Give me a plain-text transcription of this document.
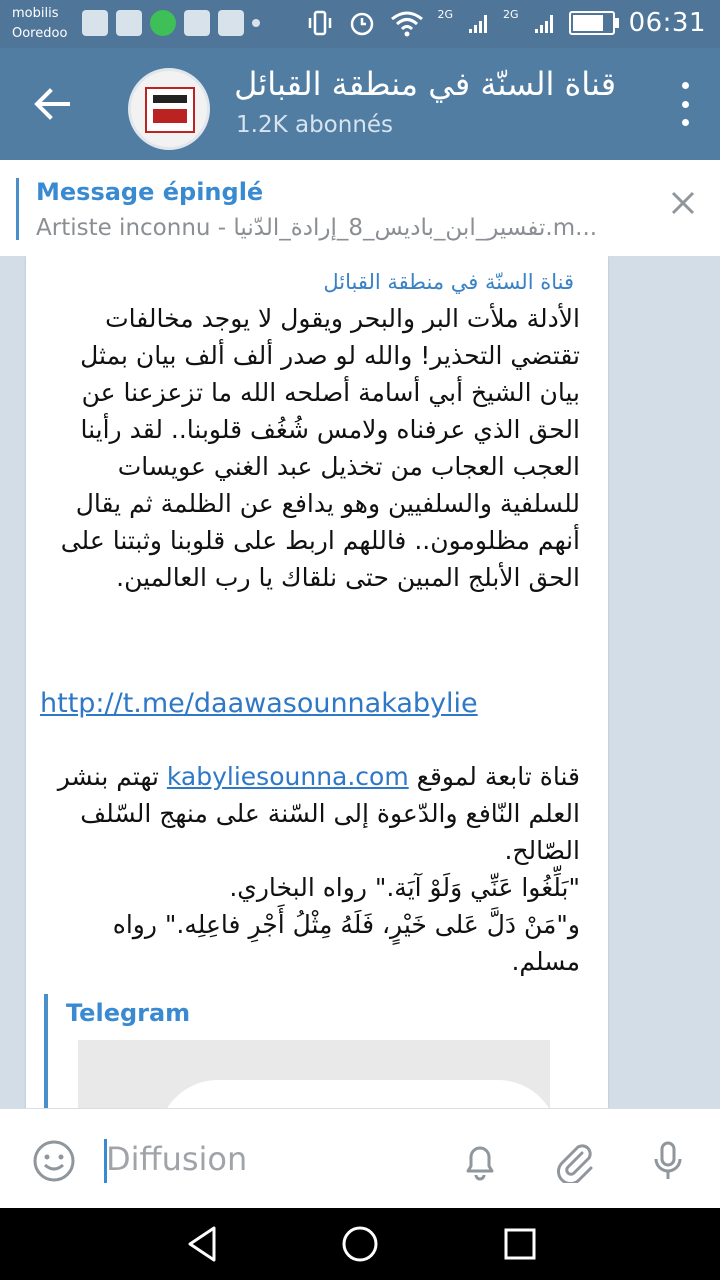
mobilis
Ooredoo
2G	2G	06:31
قناة السنّة في منطقة القبائل
1.2K abonnés
Message épinglé
Artiste inconnu - تفسير_ابن_باديس_8_إرادة_الدّنيا.m...
قناة السنّة في منطقة القبائل
الأدلة ملأت البر والبحر ويقول لا يوجد مخالفات تقتضي التحذير! والله لو صدر ألف ألف بيان بمثل بيان الشيخ أبي أسامة أصلحه الله ما تزعزعنا عن الحق الذي عرفناه ولامس شُغُف قلوبنا.. لقد رأينا العجب العجاب من تخذيل عبد الغني عويسات للسلفية والسلفيين وهو يدافع عن الظلمة ثم يقال أنهم مظلومون.. فاللهم اربط على قلوبنا وثبتنا على الحق الأبلج المبين حتى نلقاك يا رب العالمين.
http://t.me/daawasounnakabylie
قناة تابعة لموقع kabyliesounna.com تهتم بنشر العلم النّافع والدّعوة إلى السّنة على منهج السّلف الصّالح.
"بَلِّغُوا عَنِّي وَلَوْ آيَة." رواه البخاري.
و"مَنْ دَلَّ عَلى خَيْرٍ، فَلَهُ مِثْلُ أَجْرِ فاعِلِه." رواه مسلم.
Telegram
Diffusion
